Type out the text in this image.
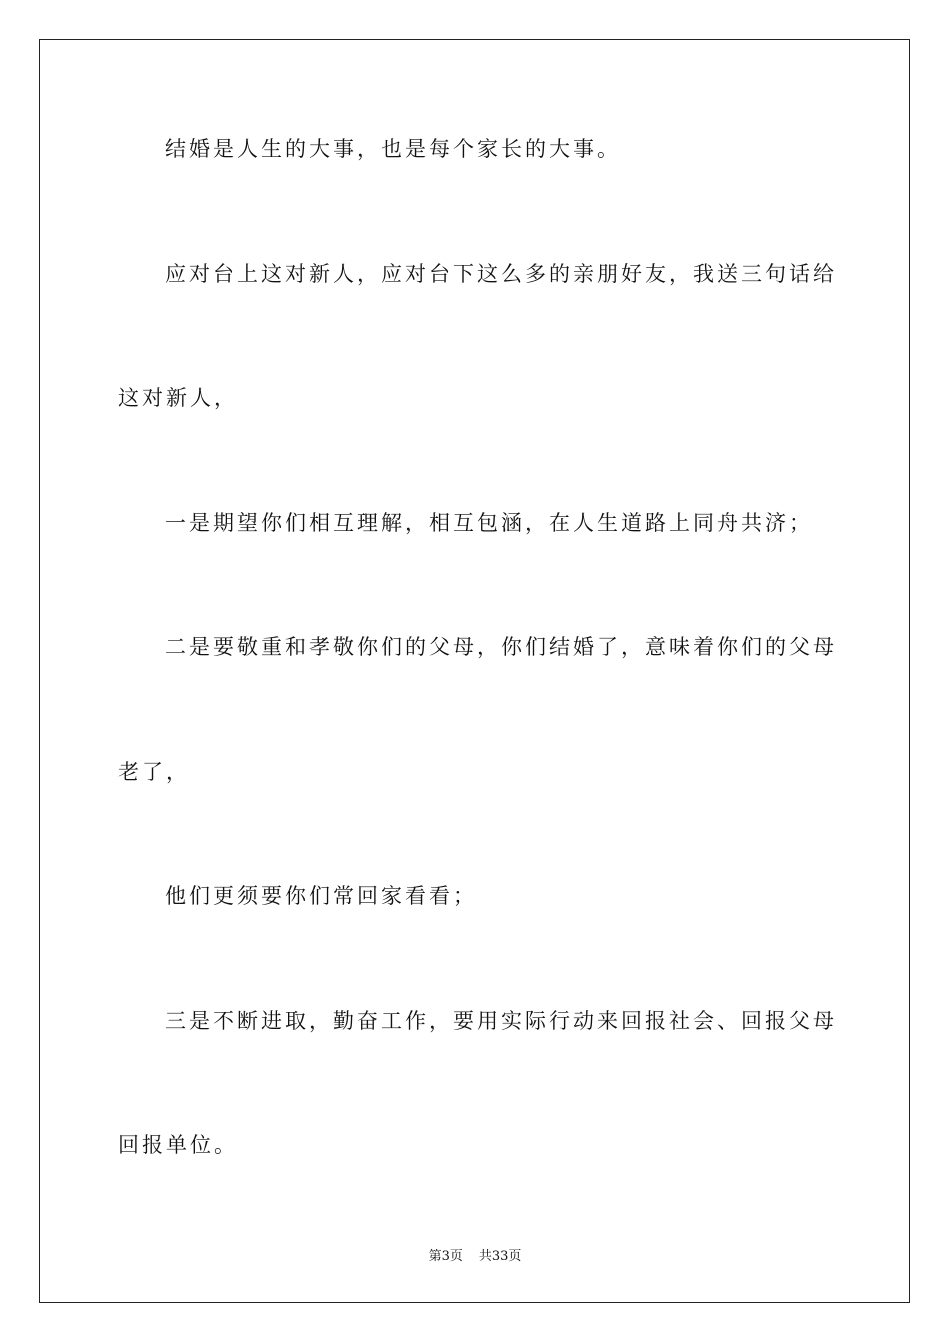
结婚是人生的大事，也是每个家长的大事。
应对台上这对新人，应对台下这么多的亲朋好友，我送三句话给
这对新人，
一是期望你们相互理解，相互包涵，在人生道路上同舟共济；
二是要敬重和孝敬你们的父母，你们结婚了，意味着你们的父母
老了，
他们更须要你们常回家看看；
三是不断进取，勤奋工作，要用实际行动来回报社会、回报父母
回报单位。
第3页 共33页
